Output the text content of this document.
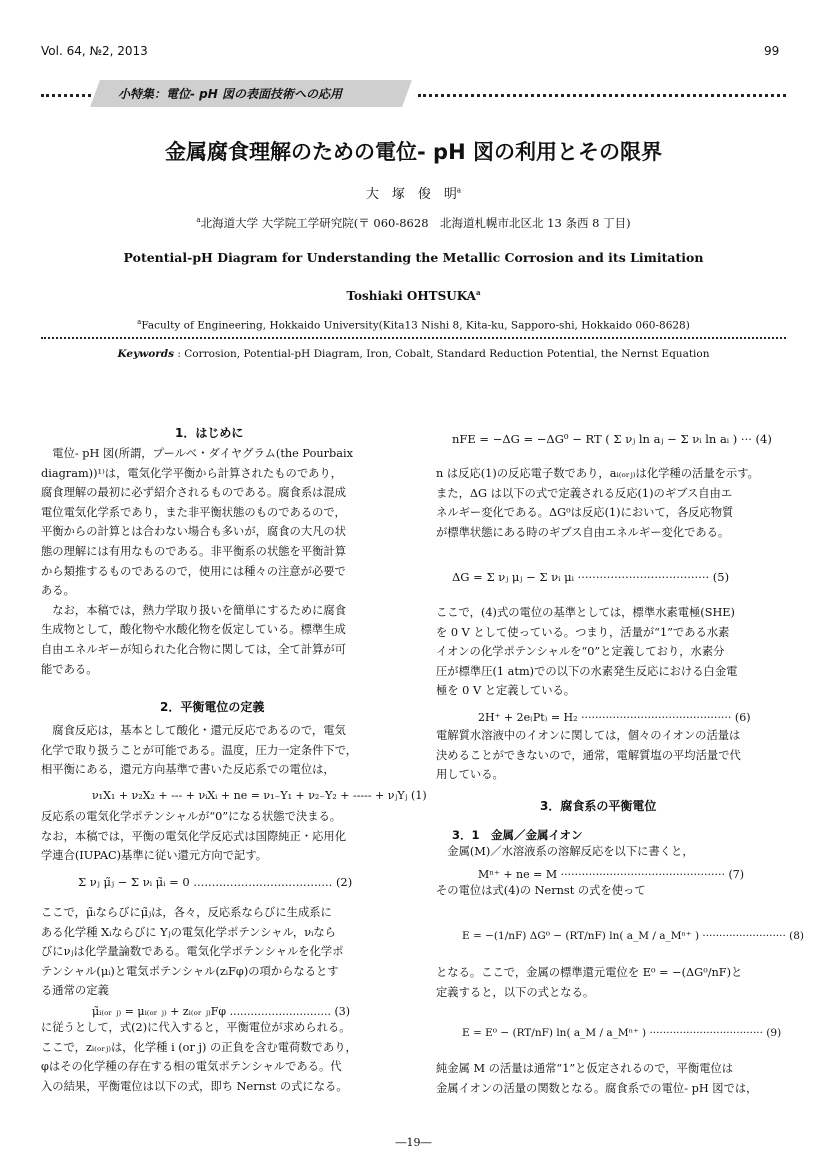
Vol. 64, №2, 2013	99
小特集：電位- pH 図の表面技術への応用
金属腐食理解のための電位- pH 図の利用とその限界
大　塚　俊　明$^a$
$^a$北海道大学 大学院工学研究院(〒 060-8628　北海道札幌市北区北 13 条西 8 丁目)
Potential-pH Diagram for Understanding the Metallic Corrosion and its Limitation
Toshiaki OHTSUKA$^a$
$^a$Faculty of Engineering, Hokkaido University(Kita13 Nishi 8, Kita-ku, Sapporo-shi, Hokkaido 060-8628)
Keywords : Corrosion, Potential-pH Diagram, Iron, Cobalt, Standard Reduction Potential, the Nernst Equation
1．はじめに
　電位- pH 図(所謂，プールベ・ダイヤグラム(the Pourbaix
diagram))¹⁾は，電気化学平衡から計算されたものであり，
腐食理解の最初に必ず紹介されるものである。腐食系は混成
電位電気化学系であり，また非平衡状態のものであるので，
平衡からの計算とは合わない場合も多いが，腐食の大凡の状
態の理解には有用なものである。非平衡系の状態を平衡計算
から類推するものであるので，使用には種々の注意が必要で
ある。
　なお，本稿では，熱力学取り扱いを簡単にするために腐食
生成物として，酸化物や水酸化物を仮定している。標準生成
自由エネルギーが知られた化合物に関しては，全て計算が可
能である。
2．平衡電位の定義
　腐食反応は，基本として酸化・還元反応であるので，電気
化学で取り扱うことが可能である。温度，圧力一定条件下で，
相平衡にある，還元方向基準で書いた反応系での電位は，
ν₁X₁ + ν₂X₂ + --- + νᵢXᵢ + ne = ν₁₋Y₁ + ν₂₋Y₂ + ----- + νⱼYⱼ (1)
反応系の電気化学ポテンシャルが“0”になる状態で決まる。
なお，本稿では，平衡の電気化学反応式は国際純正・応用化
学連合(IUPAC)基準に従い還元方向で記す。
Σ νⱼ μ̃ⱼ − Σ νᵢ μ̃ᵢ = 0 ...................................... (2)
ここで，μ̃ᵢならびにμ̃ⱼは，各々，反応系ならびに生成系に
ある化学種 Xᵢならびに Yⱼの電気化学ポテンシャル，νᵢなら
びにνⱼは化学量論数である。電気化学ポテンシャルを化学ポ
テンシャル(μᵢ)と電気ポテンシャル(zᵢFφ)の項からなるとす
る通常の定義
μ̃ᵢ₍ₒᵣ ⱼ₎ = μᵢ₍ₒᵣ ⱼ₎ + zᵢ₍ₒᵣ ⱼ₎Fφ ............................. (3)
に従うとして，式(2)に代入すると，平衡電位が求められる。
ここで，zᵢ₍ₒᵣⱼ₎は，化学種 i (or j) の正負を含む電荷数であり，
φはその化学種の存在する相の電気ポテンシャルである。代
入の結果，平衡電位は以下の式，即ち Nernst の式になる。
nFE = −ΔG = −ΔG⁰ − RT ( Σ νⱼ ln aⱼ − Σ νᵢ ln aᵢ ) ··· (4)
n は反応(1)の反応電子数であり，aᵢ₍ₒᵣⱼ₎は化学種の活量を示す。
また，ΔG は以下の式で定義される反応(1)のギブス自由エ
ネルギー変化である。ΔG⁰は反応(1)において，各反応物質
が標準状態にある時のギブス自由エネルギー変化である。
ΔG = Σ νⱼ μⱼ − Σ νᵢ μᵢ ···································· (5)
ここで，(4)式の電位の基準としては，標準水素電極(SHE)
を 0 V として使っている。つまり，活量が“1”である水素
イオンの化学ポテンシャルを“0”と定義しており，水素分
圧が標準圧(1 atm)での以下の水素発生反応における白金電
極を 0 V と定義している。
2H⁺ + 2e₍Pt₎ = H₂ ··········································· (6)
電解質水溶液中のイオンに関しては，個々のイオンの活量は
決めることができないので，通常，電解質塩の平均活量で代
用している。
3．腐食系の平衡電位
3．1　金属／金属イオン
　金属(M)／水溶液系の溶解反応を以下に書くと，
Mⁿ⁺ + ne = M ··············································· (7)
その電位は式(4)の Nernst の式を使って
E = −(1/nF) ΔG⁰ − (RT/nF) ln( a_M / a_Mⁿ⁺ ) ························· (8)
となる。ここで，金属の標準還元電位を E⁰ = −(ΔG⁰/nF)と
定義すると，以下の式となる。
E = E⁰ − (RT/nF) ln( a_M / a_Mⁿ⁺ ) ·································· (9)
純金属 M の活量は通常“1”と仮定されるので，平衡電位は
金属イオンの活量の関数となる。腐食系での電位- pH 図では，
―19―
